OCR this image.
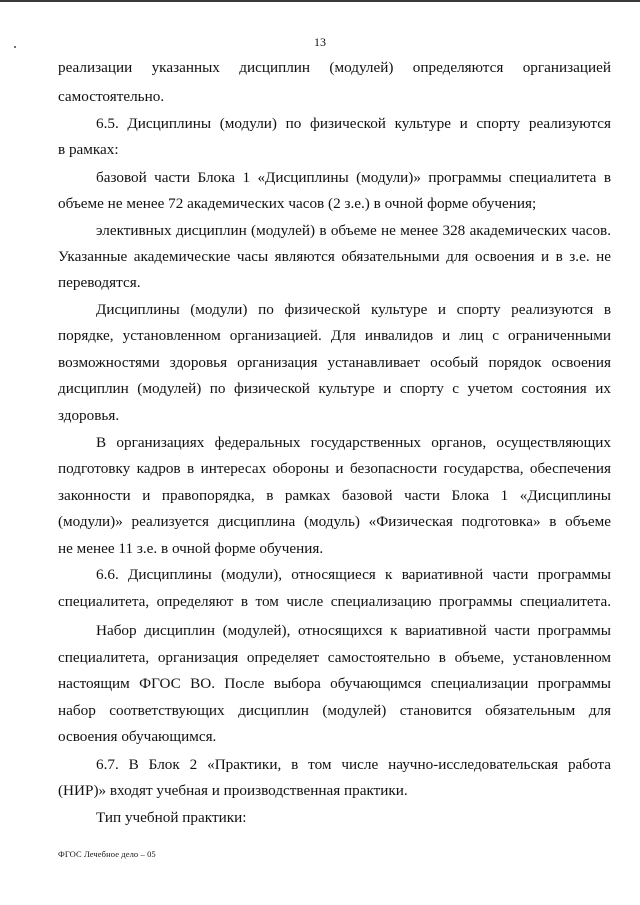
13
реализации указанных дисциплин (модулей) определяются организацией
самостоятельно.
6.5. Дисциплины (модули) по физической культуре и спорту реализуются
в рамках:
базовой части Блока 1 «Дисциплины (модули)» программы специалитета в
объеме не менее 72 академических часов (2 з.е.) в очной форме обучения;
элективных дисциплин (модулей) в объеме не менее 328 академических часов.
Указанные академические часы являются обязательными для освоения и в з.е. не
переводятся.
Дисциплины (модули) по физической культуре и спорту реализуются в
порядке, установленном организацией. Для инвалидов и лиц с ограниченными
возможностями здоровья организация устанавливает особый порядок освоения
дисциплин (модулей) по физической культуре и спорту с учетом состояния их
здоровья.
В организациях федеральных государственных органов, осуществляющих
подготовку кадров в интересах обороны и безопасности государства, обеспечения
законности и правопорядка, в рамках базовой части Блока 1 «Дисциплины
(модули)» реализуется дисциплина (модуль) «Физическая подготовка» в объеме
не менее 11 з.е. в очной форме обучения.
6.6. Дисциплины (модули), относящиеся к вариативной части программы
специалитета, определяют в том числе специализацию программы специалитета.
Набор дисциплин (модулей), относящихся к вариативной части программы
специалитета, организация определяет самостоятельно в объеме, установленном
настоящим ФГОС ВО. После выбора обучающимся специализации программы
набор соответствующих дисциплин (модулей) становится обязательным для
освоения обучающимся.
6.7. В Блок 2 «Практики, в том числе научно-исследовательская работа
(НИР)» входят учебная и производственная практики.
Тип учебной практики:
ФГОС Лечебное дело – 05
